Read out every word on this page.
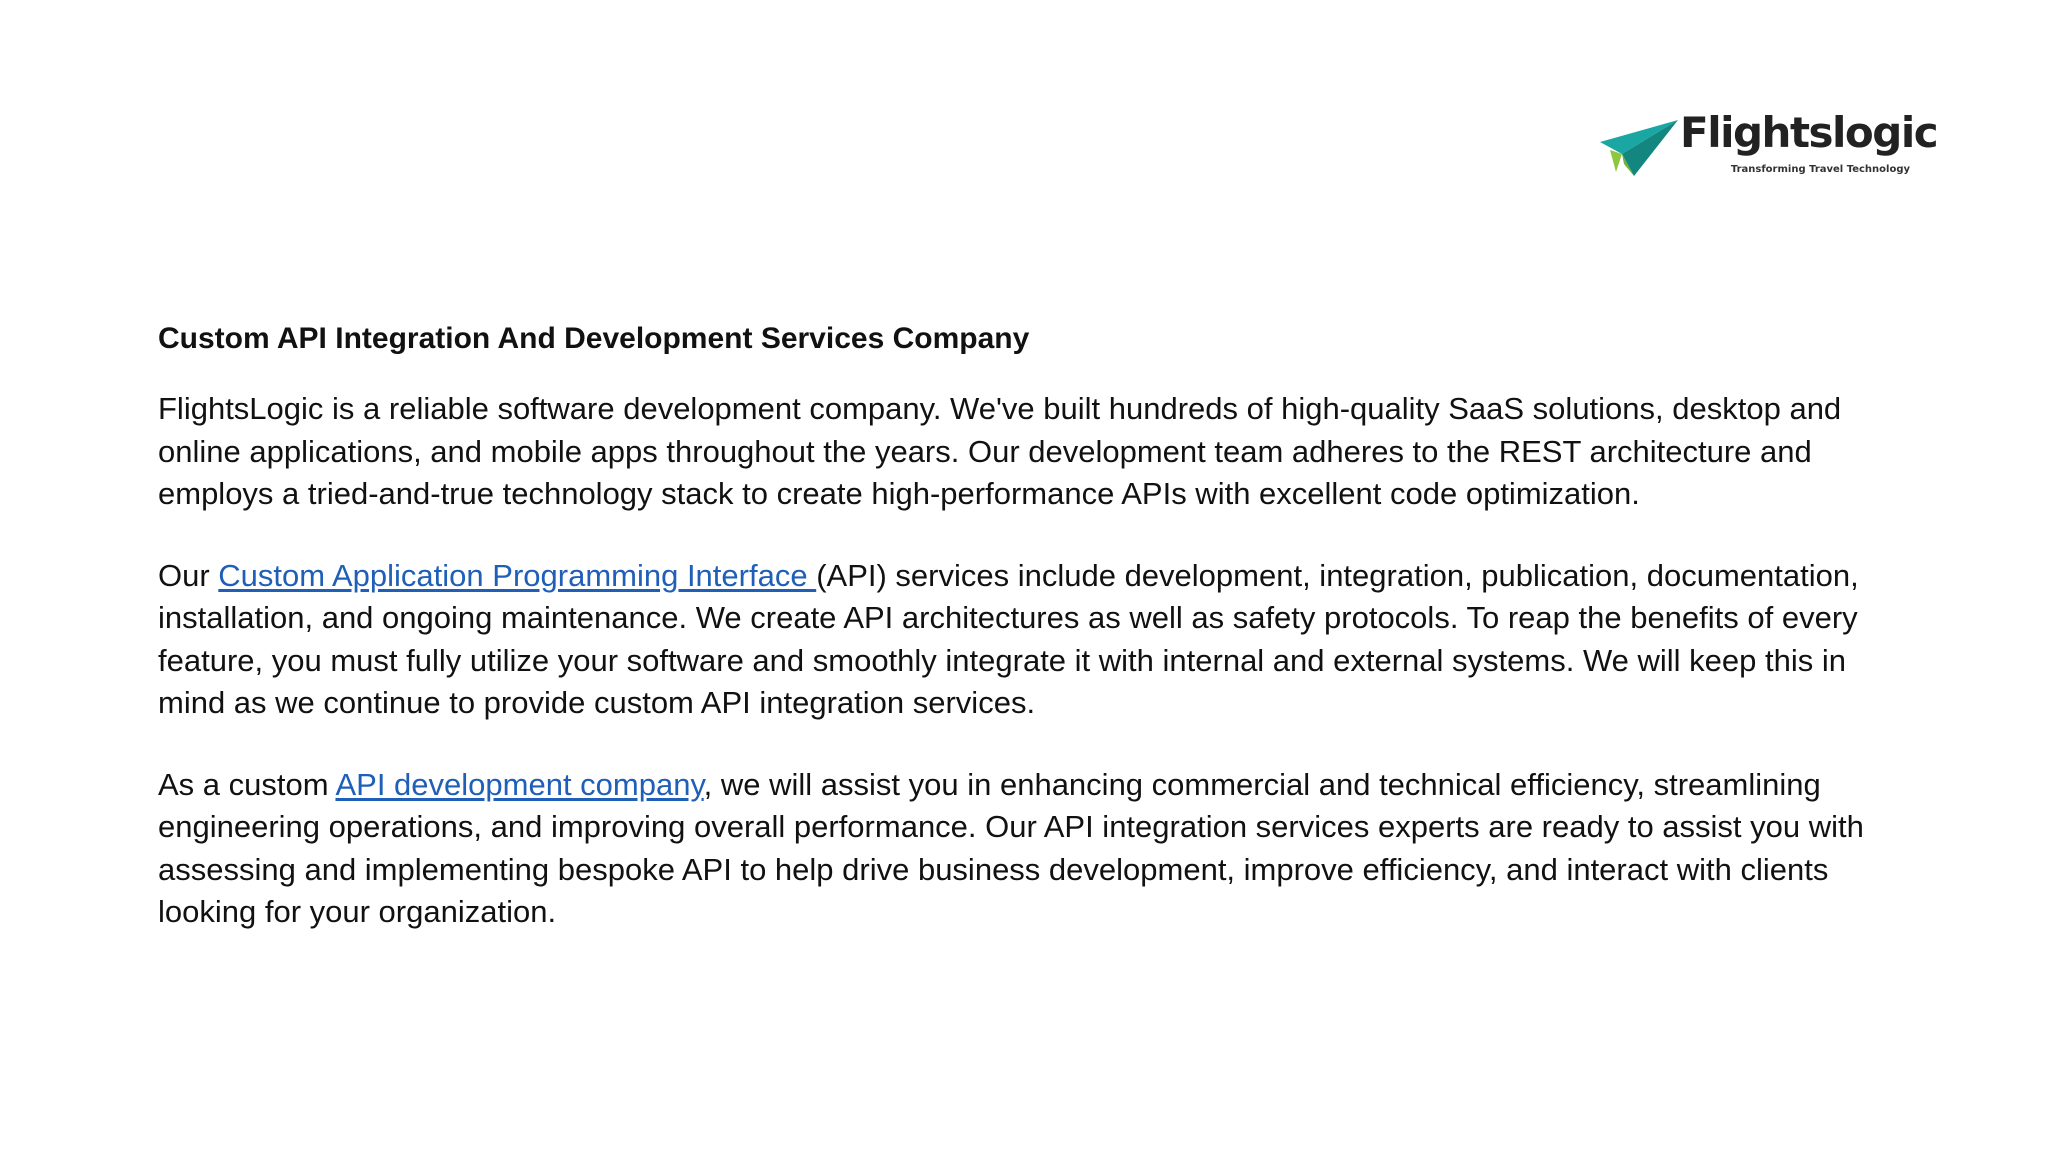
Flightslogic
Transforming Travel Technology
Custom API Integration And Development Services Company

FlightsLogic is a reliable software development company. We've built hundreds of high-quality SaaS solutions, desktop and online applications, and mobile apps throughout the years. Our development team adheres to the REST architecture and employs a tried-and-true technology stack to create high-performance APIs with excellent code optimization.

Our Custom Application Programming Interface (API) services include development, integration, publication, documentation, installation, and ongoing maintenance. We create API architectures as well as safety protocols. To reap the benefits of every feature, you must fully utilize your software and smoothly integrate it with internal and external systems. We will keep this in mind as we continue to provide custom API integration services.

As a custom API development company, we will assist you in enhancing commercial and technical efficiency, streamlining engineering operations, and improving overall performance. Our API integration services experts are ready to assist you with assessing and implementing bespoke API to help drive business development, improve efficiency, and interact with clients looking for your organization.
